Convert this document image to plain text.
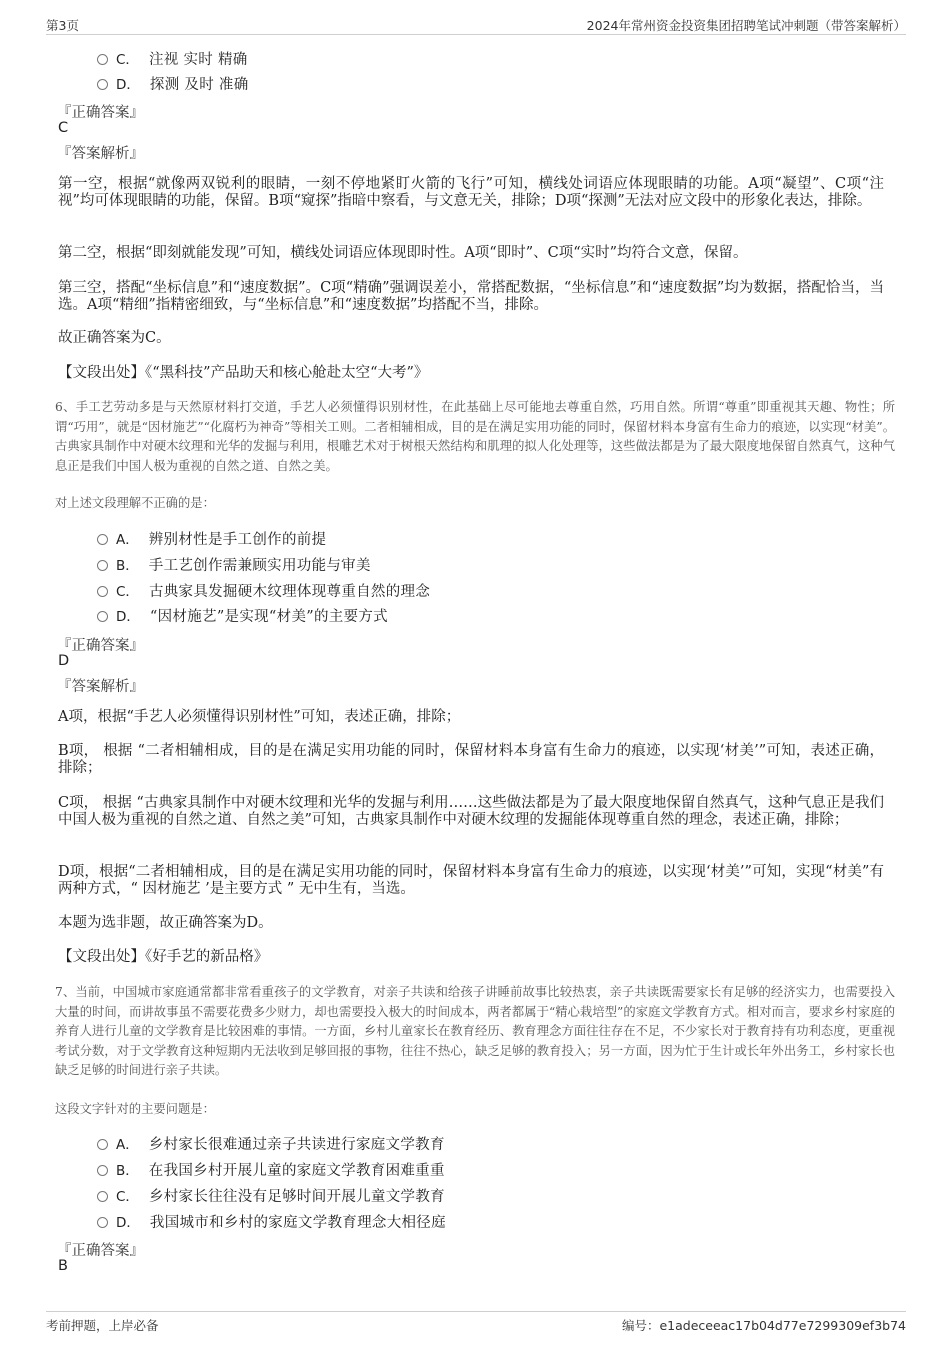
第3页	2024年常州资金投资集团招聘笔试冲刺题（带答案解析）
C． 注视 实时 精确
D． 探测 及时 准确
『正确答案』
C
『答案解析』

第一空，根据“就像两双锐利的眼睛，一刻不停地紧盯火箭的飞行”可知，横线处词语应体现眼睛的功能。A项“凝望”、C项“注视”均可体现眼睛的功能，保留。B项“窥探”指暗中察看，与文意无关，排除；D项“探测”无法对应文段中的形象化表达，排除。

第二空，根据“即刻就能发现”可知，横线处词语应体现即时性。A项“即时”、C项“实时”均符合文意，保留。

第三空，搭配“坐标信息”和“速度数据”。C项“精确”强调误差小，常搭配数据，“坐标信息”和“速度数据”均为数据，搭配恰当，当选。A项“精细”指精密细致，与“坐标信息”和“速度数据”均搭配不当，排除。

故正确答案为C。

【文段出处】《“黑科技”产品助天和核心舱赴太空“大考”》

6、手工艺劳动多是与天然原材料打交道，手艺人必须懂得识别材性，在此基础上尽可能地去尊重自然，巧用自然。所谓“尊重”即重视其天趣、物性；所谓“巧用”，就是“因材施艺”“化腐朽为神奇”等相关工则。二者相辅相成，目的是在满足实用功能的同时，保留材料本身富有生命力的痕迹，以实现“材美”。古典家具制作中对硬木纹理和光华的发掘与利用，根雕艺术对于树根天然结构和肌理的拟人化处理等，这些做法都是为了最大限度地保留自然真气，这种气息正是我们中国人极为重视的自然之道、自然之美。

对上述文段理解不正确的是：
A． 辨别材性是手工创作的前提
B． 手工艺创作需兼顾实用功能与审美
C． 古典家具发掘硬木纹理体现尊重自然的理念
D． “因材施艺”是实现“材美”的主要方式
『正确答案』
D
『答案解析』

A项，根据“手艺人必须懂得识别材性”可知，表述正确，排除；

B项， 根据 “二者相辅相成，目的是在满足实用功能的同时，保留材料本身富有生命力的痕迹，以实现‘材美’”可知，表述正确，排除；

C项， 根据 “古典家具制作中对硬木纹理和光华的发掘与利用……这些做法都是为了最大限度地保留自然真气，这种气息正是我们中国人极为重视的自然之道、自然之美”可知，古典家具制作中对硬木纹理的发掘能体现尊重自然的理念，表述正确，排除；

D项，根据“二者相辅相成，目的是在满足实用功能的同时，保留材料本身富有生命力的痕迹，以实现‘材美’”可知，实现“材美”有两种方式，“ 因材施艺 ’是主要方式 ” 无中生有，当选。

本题为选非题，故正确答案为D。

【文段出处】《好手艺的新品格》

7、当前，中国城市家庭通常都非常看重孩子的文学教育，对亲子共读和给孩子讲睡前故事比较热衷，亲子共读既需要家长有足够的经济实力，也需要投入大量的时间，而讲故事虽不需要花费多少财力，却也需要投入极大的时间成本，两者都属于“精心栽培型”的家庭文学教育方式。相对而言，要求乡村家庭的养育人进行儿童的文学教育是比较困难的事情。一方面，乡村儿童家长在教育经历、教育理念方面往往存在不足，不少家长对于教育持有功利态度，更重视考试分数，对于文学教育这种短期内无法收到足够回报的事物，往往不热心，缺乏足够的教育投入；另一方面，因为忙于生计或长年外出务工，乡村家长也缺乏足够的时间进行亲子共读。

这段文字针对的主要问题是：
A． 乡村家长很难通过亲子共读进行家庭文学教育
B． 在我国乡村开展儿童的家庭文学教育困难重重
C． 乡村家长往往没有足够时间开展儿童文学教育
D． 我国城市和乡村的家庭文学教育理念大相径庭
『正确答案』
B
考前押题，上岸必备	编号：e1adeceeac17b04d77e7299309ef3b74
